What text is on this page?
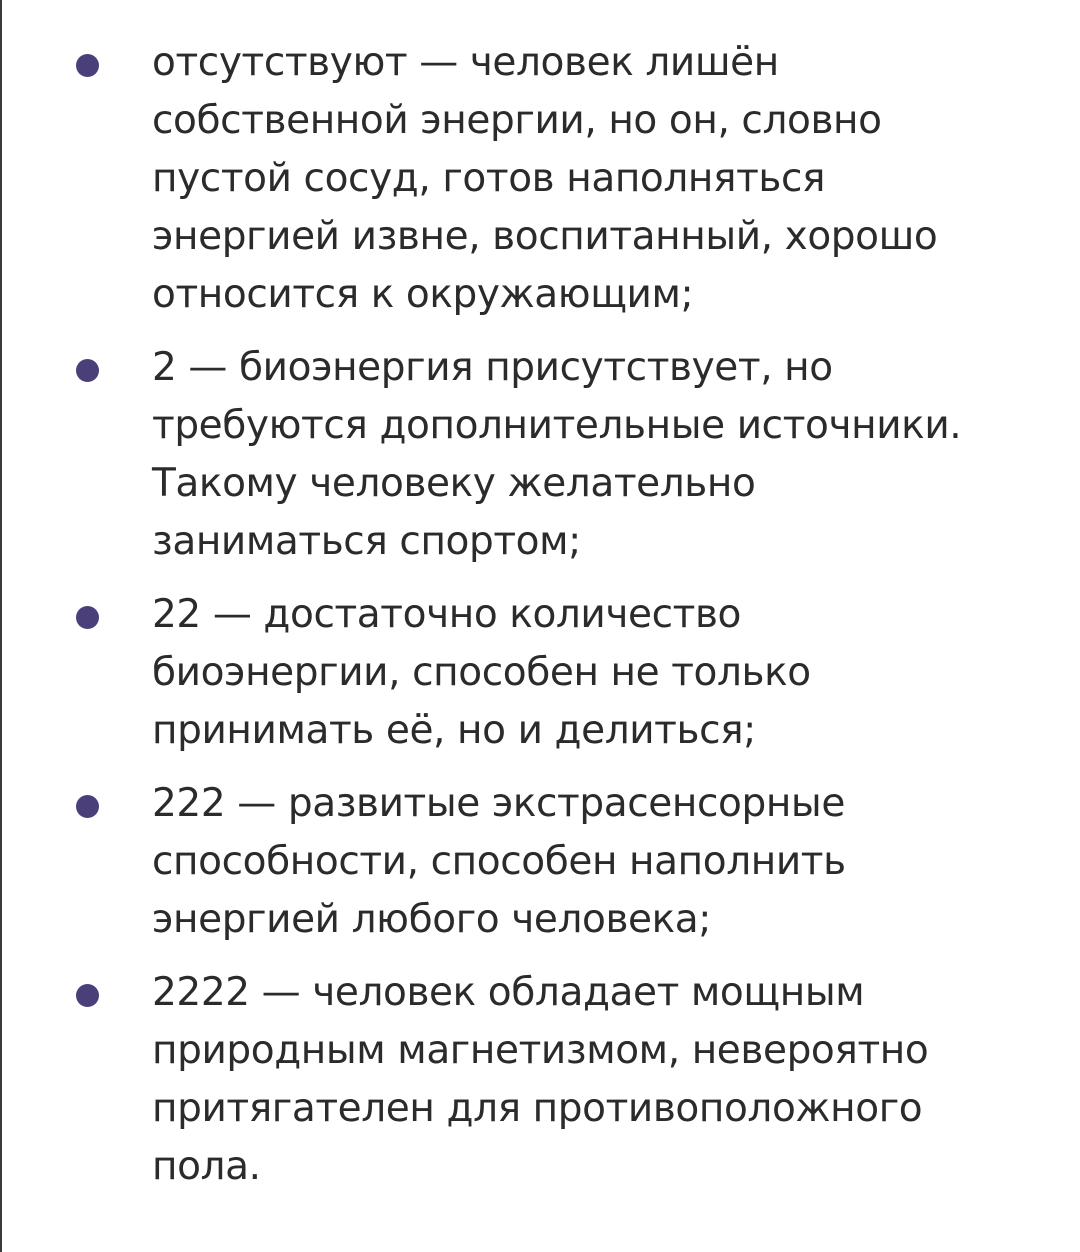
отсутствуют — человек лишён
собственной энергии, но он, словно
пустой сосуд, готов наполняться
энергией извне, воспитанный, хорошо
относится к окружающим;
2 — биоэнергия присутствует, но
требуются дополнительные источники.
Такому человеку желательно
заниматься спортом;
22 — достаточно количество
биоэнергии, способен не только
принимать её, но и делиться;
222 — развитые экстрасенсорные
способности, способен наполнить
энергией любого человека;
2222 — человек обладает мощным
природным магнетизмом, невероятно
притягателен для противоположного
пола.
